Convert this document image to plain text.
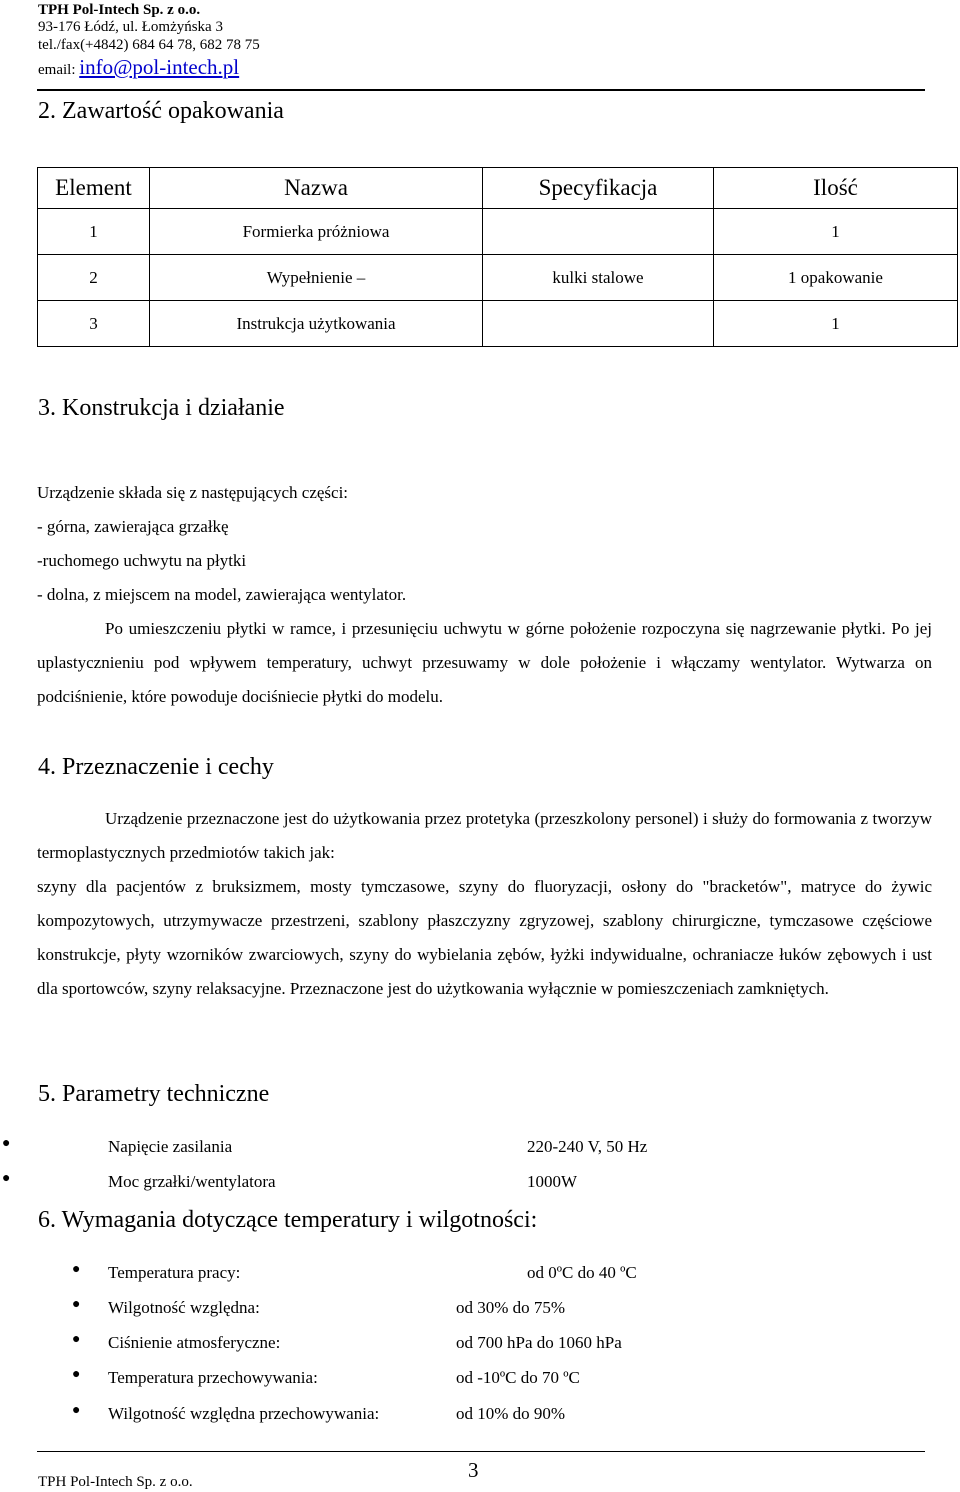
TPH Pol-Intech Sp. z o.o.
93-176 Łódź, ul. Łomżyńska 3
tel./fax(+4842) 684 64 78, 682 78 75
email: info@pol-intech.pl
2. Zawartość opakowania
Element	Nazwa	Specyfikacja	Ilość
1	Formierka próżniowa		1
2	Wypełnienie –	kulki stalowe	1 opakowanie
3	Instrukcja użytkowania		1
3. Konstrukcja i działanie
Urządzenie składa się z następujących części:
- górna, zawierająca grzałkę
-ruchomego uchwytu na płytki
- dolna, z miejscem na model, zawierająca wentylator.
Po umieszczeniu płytki w ramce, i przesunięciu uchwytu w górne położenie rozpoczyna się nagrzewanie płytki. Po jej uplastycznieniu pod wpływem temperatury, uchwyt przesuwamy w dole położenie i włączamy wentylator. Wytwarza on podciśnienie, które powoduje dociśniecie płytki do modelu.
4. Przeznaczenie i cechy
Urządzenie przeznaczone jest do użytkowania przez protetyka (przeszkolony personel) i służy do formowania z tworzyw termoplastycznych przedmiotów takich jak:
szyny dla pacjentów z bruksizmem, mosty tymczasowe, szyny do fluoryzacji, osłony do "bracketów", matryce do żywic kompozytowych, utrzymywacze przestrzeni, szablony płaszczyzny zgryzowej, szablony chirurgiczne, tymczasowe częściowe konstrukcje, płyty wzorników zwarciowych, szyny do wybielania zębów, łyżki indywidualne, ochraniacze łuków zębowych i ust dla sportowców, szyny relaksacyjne. Przeznaczone jest do użytkowania wyłącznie w pomieszczeniach zamkniętych.
5. Parametry techniczne
●	Napięcie zasilania	220-240 V, 50 Hz
●	Moc grzałki/wentylatora	1000W
6. Wymagania dotyczące temperatury i wilgotności:
● Temperatura pracy:	od 0ºC do 40 ºC
● Wilgotność względna:	od 30% do 75%
● Ciśnienie atmosferyczne:	od 700 hPa do 1060 hPa
● Temperatura przechowywania:	od -10ºC do 70 ºC
● Wilgotność względna przechowywania:	od 10% do 90%
3
TPH Pol-Intech Sp. z o.o.
